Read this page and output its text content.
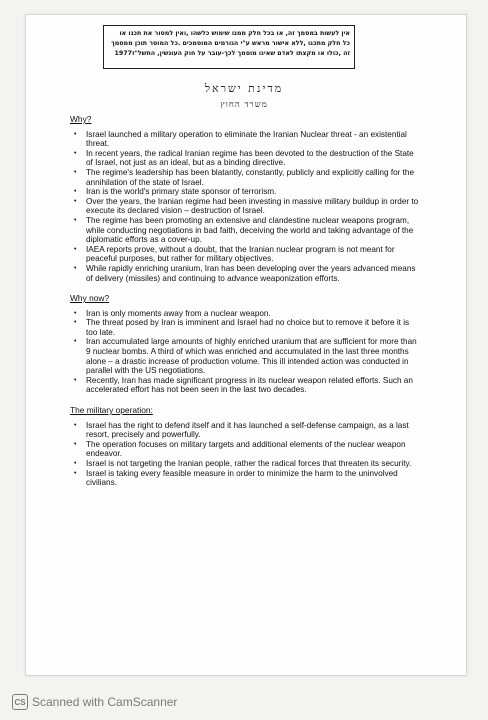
אין לעשות במסמך זה, או בכל חלק ממנו שימוש כלשהו ,ואין למסור את תכנו או
כל חלק מתכנו ,ללא אישור מראש ע"י הגורמים המוסמכים .כל המוסר תוכן ממסמך
זה ,כולו או מקצתו לאדם שאינו מוסמך לכך-עובר על חוק העונשין, התשל"ז1977
מדינת ישראל
משרד החוץ

Why?

• Israel launched a military operation to eliminate the Iranian Nuclear threat - an existential threat.
• In recent years, the radical Iranian regime has been devoted to the destruction of the State of Israel, not just as an ideal, but as a binding directive.
• The regime's leadership has been blatantly, constantly, publicly and explicitly calling for the annihilation of the state of Israel.
• Iran is the world's primary state sponsor of terrorism.
• Over the years, the Iranian regime had been investing in massive military buildup in order to execute its declared vision – destruction of Israel.
• The regime has been promoting an extensive and clandestine nuclear weapons program, while conducting negotiations in bad faith, deceiving the world and taking advantage of the diplomatic efforts as a cover-up.
• IAEA reports prove, without a doubt, that the Iranian nuclear program is not meant for peaceful purposes, but rather for military objectives.
• While rapidly enriching uranium, Iran has been developing over the years advanced means of delivery (missiles) and continuing to advance weaponization efforts.

Why now?

• Iran is only moments away from a nuclear weapon.
• The threat posed by Iran is imminent and Israel had no choice but to remove it before it is too late.
• Iran accumulated large amounts of highly enriched uranium that are sufficient for more than 9 nuclear bombs. A third of which was enriched and accumulated in the last three months alone – a drastic increase of production volume. This ill intended action was conducted in parallel with the US negotiations.
• Recently, Iran has made significant progress in its nuclear weapon related efforts. Such an accelerated effort has not been seen in the last two decades.

The military operation:

• Israel has the right to defend itself and it has launched a self-defense campaign, as a last resort, precisely and powerfully.
• The operation focuses on military targets and additional elements of the nuclear weapon endeavor.
• Israel is not targeting the Iranian people, rather the radical forces that threaten its security.
• Israel is taking every feasible measure in order to minimize the harm to the uninvolved civilians.
CS Scanned with CamScanner
